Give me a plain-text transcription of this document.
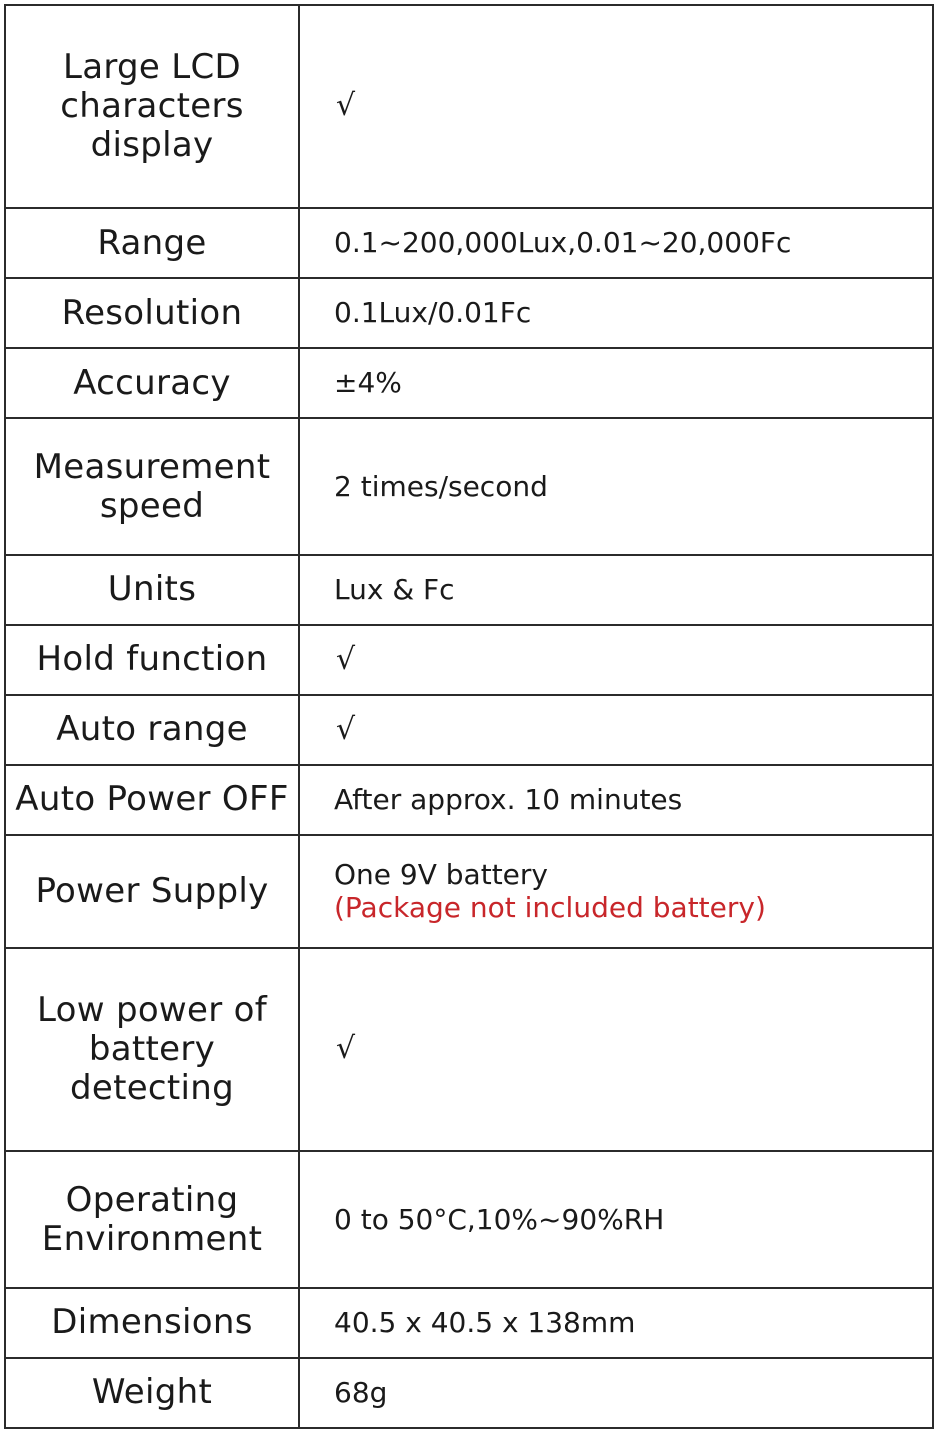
Large LCD
characters display	√

Range	0.1~200,000Lux,0.01~20,000Fc

Resolution	0.1Lux/0.01Fc

Accuracy	±4%

Measurement
speed	2 times/second

Units	Lux & Fc

Hold function	√

Auto range	√

Auto Power OFF	After approx. 10 minutes

Power Supply	One 9V battery
(Package not included battery)

Low power of
battery detecting	√

Operating
Environment	0 to 50°C,10%~90%RH

Dimensions	40.5 x 40.5 x 138mm

Weight	68g
